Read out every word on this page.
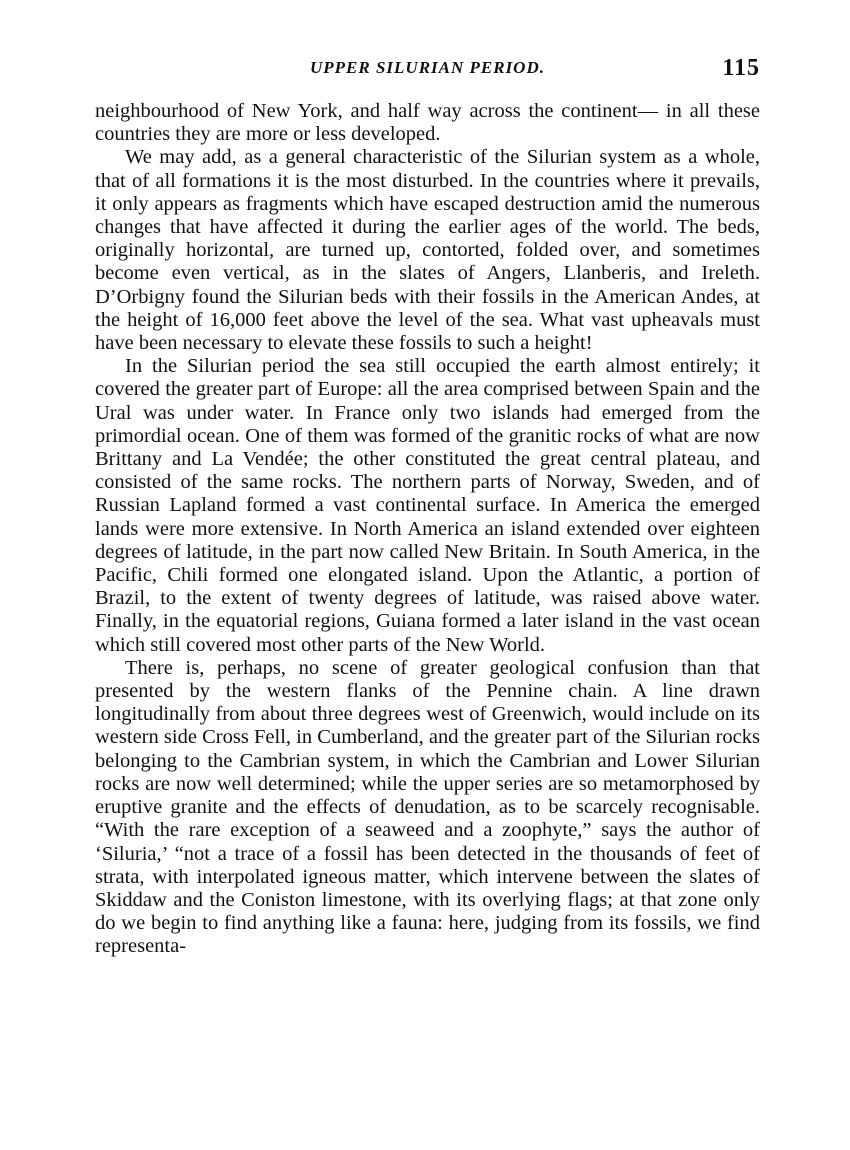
UPPER SILURIAN PERIOD.	115

neighbourhood of New York, and half way across the continent— in all these countries they are more or less developed.

We may add, as a general characteristic of the Silurian system as a whole, that of all formations it is the most disturbed. In the countries where it prevails, it only appears as fragments which have escaped destruction amid the numerous changes that have affected it during the earlier ages of the world. The beds, originally horizontal, are turned up, contorted, folded over, and sometimes become even vertical, as in the slates of Angers, Llanberis, and Ireleth. D’Orbigny found the Silurian beds with their fossils in the American Andes, at the height of 16,000 feet above the level of the sea. What vast upheavals must have been necessary to elevate these fossils to such a height!

In the Silurian period the sea still occupied the earth almost entirely; it covered the greater part of Europe: all the area comprised between Spain and the Ural was under water. In France only two islands had emerged from the primordial ocean. One of them was formed of the granitic rocks of what are now Brittany and La Vendée; the other constituted the great central plateau, and consisted of the same rocks. The northern parts of Norway, Sweden, and of Russian Lapland formed a vast continental surface. In America the emerged lands were more extensive. In North America an island extended over eighteen degrees of latitude, in the part now called New Britain. In South America, in the Pacific, Chili formed one elongated island. Upon the Atlantic, a portion of Brazil, to the extent of twenty degrees of latitude, was raised above water. Finally, in the equatorial regions, Guiana formed a later island in the vast ocean which still covered most other parts of the New World.

There is, perhaps, no scene of greater geological confusion than that presented by the western flanks of the Pennine chain. A line drawn longitudinally from about three degrees west of Greenwich, would include on its western side Cross Fell, in Cumberland, and the greater part of the Silurian rocks belonging to the Cambrian system, in which the Cambrian and Lower Silurian rocks are now well determined; while the upper series are so metamorphosed by eruptive granite and the effects of denudation, as to be scarcely recognisable. “With the rare exception of a seaweed and a zoophyte,” says the author of ‘Siluria,’ “not a trace of a fossil has been detected in the thousands of feet of strata, with interpolated igneous matter, which intervene between the slates of Skiddaw and the Coniston limestone, with its overlying flags; at that zone only do we begin to find anything like a fauna: here, judging from its fossils, we find representa-
